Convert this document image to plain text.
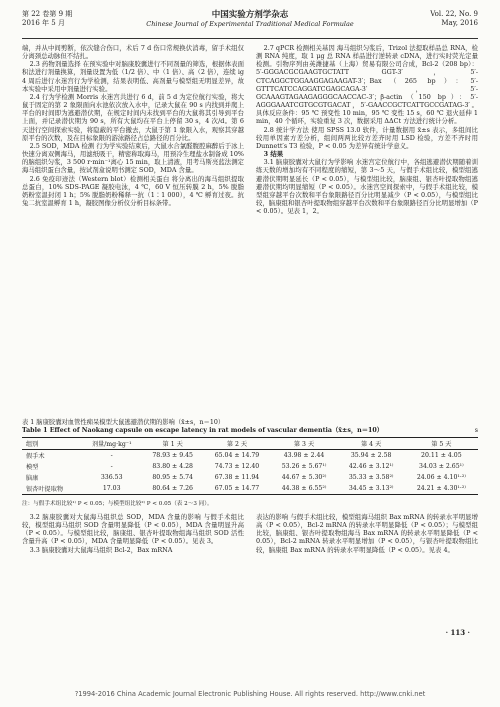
第 22 卷第 9 期
2016 年 5 月
中国实验方剂学杂志
Chinese Journal of Experimental Traditional Medical Formulae
Vol. 22, No. 9
May, 2016

端，并从中间剪断，依次缝合伤口，术后 7 d 伤口常规换伏消毒，留手术组仅分离颈总动脉但不结扎。

2.3 药物剂量选择 在预实验中对脑康胶囊进行不同剂量的筛选，根据体表面积法进行剂量换算，剂量设置为低（1/2 倍）、中（1 倍）、高（2 倍），连续 ig 4 周后进行水迷宫行为学检测，结果表明低、高剂量与模型组无明显差异，故本实验中采用中剂量进行实验。

2.4 行为学检测 Morris 水迷宫共进行 6 d，前 5 d 为定位航行实验，将大鼠于固定的第 2 象限面向水池依次放入水中，记录大鼠在 90 s 内找到并爬上平台的时间即为逃避潜伏期，在规定时间内未找到平台的大鼠将其引导到平台上面，并记录潜伏期为 90 s，所有大鼠均在平台上停留 30 s，4 次/d。第 6 天进行空间探索实验，将隐蔽的平台撤去，大鼠于第 1 象限入水，观察其穿越原平台的次数，及在目标象限的游泳路径占总路径的百分比。

2.5 SOD，MDA 检测 行为学实验结束后，大鼠水合氯醛腹腔麻醉后于冰上快速分离双侧海马，用滤纸吸干，精密称取海马，用预冷生理盐水制备成 10% 的脑组织匀浆，3 500 r·min⁻¹离心 15 min，取上清液，用考马斯亮蓝法测定海马组织蛋白含量，按试剂盒说明书测定 SOD，MDA 含量。

2.6 免疫印迹法（Western blot）检测相关蛋白 将分离出的海马组织提取总蛋白，10% SDS-PAGE 凝胶电泳，4 ℃，60 V 恒压转膜 2 h，5% 脱脂奶粉室温封闭 1 h；5% 脱脂奶粉稀释一抗（1∶1 000），4 ℃ 孵育过夜。抗兔二抗室温孵育 1 h，凝胶图像分析仪分析目标条带。

2.7 qPCR 检测相关基因 海马组织匀浆后，Trizol 法提取样品总 RNA，检测 RNA 纯度，取 1 μg 总 RNA 样品进行逆转录 cDNA，进行实时荧光定量检测。引物序列由英潍捷基（上海）贸易有限公司合成，Bcl-2（208 bp）：5′-GGGACGCGAAGTGCTATT GGT-3′，5′-CTCAGGCTGGAAGGAGAAGAT-3′；Bax（265 bp）：5′-GTTTCATCCAGGATCGAGCAGA-3′，5′-GCAAAGTAGAAGAGGGCAACCAC-3′；β-actin（150 bp）：5′-AGGGAAATCGTGCGTGACAT，5′-GAACCGCTCATTGCCGATAG-3′。具体反应条件：95 ℃ 预变性 10 min，95 ℃ 变性 15 s，60 ℃ 退火延伸 1 min，40 个循环，实验重复 3 次，数据采用 ΔΔCt 方法进行统计分析。

2.8 统计学方法 使用 SPSS 13.0 软件，计量数据用 x̄±s 表示，多组间比较用单因素方差分析，组间两两比较方差齐时用 LSD 检验，方差不齐时用 Dunnett′s T3 检验，P < 0.05 为差异有统计学意义。

3 结果

3.1 脑康胶囊对大鼠行为学影响 水迷宫定位航行中，各组逃避潜伏期随着训练天数的增加均有不同程度的缩短，第 3～5 天，与假手术组比较，模型组逃避潜伏期明显延长（P < 0.05），与模型组比较，脑康组、银杏叶提取物组逃避潜伏期均明显缩短（P < 0.05）。水迷宫空间探索中，与假手术组比较，模型组穿越平台次数和平台象限路径百分比明显减少（P < 0.05），与模型组比较，脑康组和银杏叶提取物组穿越平台次数和平台象限路径百分比明显增加（P < 0.05）。见表 1，2。

表 1 脑康胶囊对血管性痴呆模型大鼠逃避潜伏期的影响（x̄±s，n＝10）
Table 1 Effect of Naokang capsule on escape latency in rat models of vascular dementia（x̄±s，n＝10）	s
组别	剂量/mg·kg⁻¹	第 1 天	第 2 天	第 3 天	第 4 天	第 5 天
假手术	-	78.93 ± 9.45	65.04 ± 14.79	43.98 ± 2.44	35.94 ± 2.58	20.11 ± 4.05
模型	-	83.80 ± 4.28	74.73 ± 12.40	53.26 ± 5.67¹⁾	42.46 ± 3.12¹⁾	34.03 ± 2.65¹⁾
脑康	336.53	80.95 ± 5.74	67.38 ± 11.94	44.67 ± 5.30²⁾	35.33 ± 3.58²⁾	24.06 ± 4.10¹·²⁾
银杏叶提取物	17.03	80.64 ± 7.26	67.05 ± 14.77	44.38 ± 6.55²⁾	34.45 ± 3.13²⁾	24.21 ± 4.30¹·²⁾
注：与假手术组比较¹⁾ P < 0.05；与模型组比较²⁾ P < 0.05（表 2～3 同）。

3.2 脑康胶囊对大鼠海马组织总 SOD，MDA 含量的影响 与假手术组比较，模型组海马组织 SOD 含量明显降低（P < 0.05），MDA 含量明显升高（P < 0.05）。与模型组比较，脑康组、银杏叶提取物组海马组织 SOD 活性含量升高（P < 0.05），MDA 含量明显降低（P < 0.05）。见表 3。

3.3 脑康胶囊对大鼠海马组织 Bcl-2，Bax mRNA

表达的影响 与假手术组比较，模型组海马组织 Bax mRNA 的转录水平明显增高（P < 0.05），Bcl-2 mRNA 的转录水平明显降低（P < 0.05）；与模型组比较，脑康组、银杏叶提取物组海马 Bax mRNA 的转录水平明显降低（P < 0.05），Bcl-2 mRNA 转录水平明显增加（P < 0.05），与银杏叶提取物组比较，脑康组 Bax mRNA 的转录水平明显降低（P < 0.05）。见表 4。

· 113 ·
?1994-2016 China Academic Journal Electronic Publishing House. All rights reserved. http://www.cnki.net
